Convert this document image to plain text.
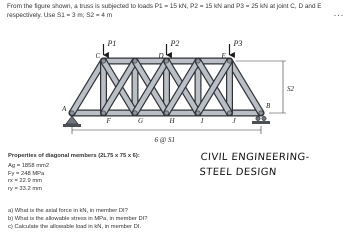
From the figure shown, a truss is subjected to loads P1 = 15 kN, P2 = 15 kN and P3 = 25 kN at joint C, D and E respectively. Use S1 = 3 m; S2 = 4 m	···
P1	P2	P3
C	D	E
A
F	G	H	I	J
B
6 @ S1
S2
Properties of diagonal members (2L75 x 75 x 6):
Ag = 1858 mm2
Fy = 248 MPa
rx = 22.9 mm
ry = 33.2 mm
CIVIL ENGINEERING-
STEEL DESIGN
a) What is the axial force in kN, in member DI?
b) What is the allowable stress in MPa, in member DI?
c) Calculate the allowable load in kN, in member DI.
